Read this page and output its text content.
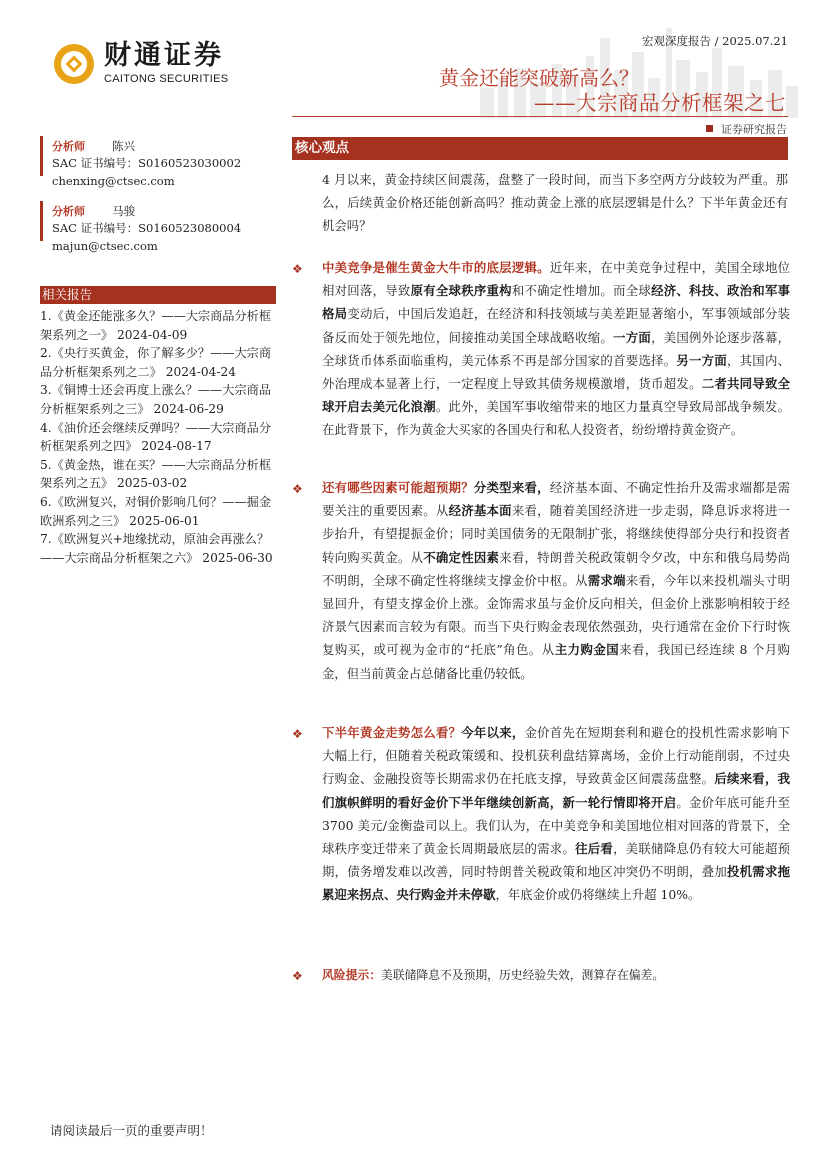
财通证券
CAITONG SECURITIES
宏观深度报告 / 2025.07.21
黄金还能突破新高么？
——大宗商品分析框架之七
证券研究报告
分析师 陈兴
SAC 证书编号：S0160523030002
chenxing@ctsec.com
分析师 马骏
SAC 证书编号：S0160523080004
majun@ctsec.com
相关报告

1.《黄金还能涨多久？——大宗商品分析框架系列之一》 2024-04-09

2.《央行买黄金，你了解多少？——大宗商品分析框架系列之二》 2024-04-24

3.《铜博士还会再度上涨么？——大宗商品分析框架系列之三》 2024-06-29

4.《油价还会继续反弹吗？——大宗商品分析框架系列之四》 2024-08-17

5.《黄金热，谁在买？——大宗商品分析框架系列之五》 2025-03-02

6.《欧洲复兴，对铜价影响几何？——掘金欧洲系列之三》 2025-06-01

7.《欧洲复兴+地缘扰动，原油会再涨么？——大宗商品分析框架之六》 2025-06-30

核心观点
4 月以来，黄金持续区间震荡，盘整了一段时间，而当下多空两方分歧较为严重。那么，后续黄金价格还能创新高吗？推动黄金上涨的底层逻辑是什么？下半年黄金还有机会吗？
❖ 中美竞争是催生黄金大牛市的底层逻辑。近年来，在中美竞争过程中，美国全球地位相对回落，导致原有全球秩序重构和不确定性增加。而全球经济、科技、政治和军事格局变动后，中国后发追赶，在经济和科技领域与美差距显著缩小，军事领域部分装备反而处于领先地位，间接推动美国全球战略收缩。一方面，美国例外论逐步落幕，全球货币体系面临重构，美元体系不再是部分国家的首要选择。另一方面，其国内、外治理成本显著上行，一定程度上导致其债务规模激增，货币超发。二者共同导致全球开启去美元化浪潮。此外，美国军事收缩带来的地区力量真空导致局部战争频发。在此背景下，作为黄金大买家的各国央行和私人投资者，纷纷增持黄金资产。
❖ 还有哪些因素可能超预期？分类型来看，经济基本面、不确定性抬升及需求端都是需要关注的重要因素。从经济基本面来看，随着美国经济进一步走弱，降息诉求将进一步抬升，有望提振金价；同时美国债务的无限制扩张，将继续使得部分央行和投资者转向购买黄金。从不确定性因素来看，特朗普关税政策朝令夕改，中东和俄乌局势尚不明朗，全球不确定性将继续支撑金价中枢。从需求端来看，今年以来投机端头寸明显回升，有望支撑金价上涨。金饰需求虽与金价反向相关，但金价上涨影响相较于经济景气因素而言较为有限。而当下央行购金表现依然强劲，央行通常在金价下行时恢复购买，或可视为金市的“托底”角色。从主力购金国来看，我国已经连续 8 个月购金，但当前黄金占总储备比重仍较低。
❖ 下半年黄金走势怎么看？今年以来，金价首先在短期套利和避仓的投机性需求影响下大幅上行，但随着关税政策缓和、投机获利盘结算离场，金价上行动能削弱，不过央行购金、金融投资等长期需求仍在托底支撑，导致黄金区间震荡盘整。后续来看，我们旗帜鲜明的看好金价下半年继续创新高，新一轮行情即将开启。金价年底可能升至 3700 美元/金衡盎司以上。我们认为，在中美竞争和美国地位相对回落的背景下，全球秩序变迁带来了黄金长周期最底层的需求。往后看，美联储降息仍有较大可能超预期，债务增发难以改善，同时特朗普关税政策和地区冲突仍不明朗，叠加投机需求拖累迎来拐点、央行购金并未停歇，年底金价或仍将继续上升超 10%。
❖ 风险提示：美联储降息不及预期，历史经验失效，测算存在偏差。
请阅读最后一页的重要声明！
